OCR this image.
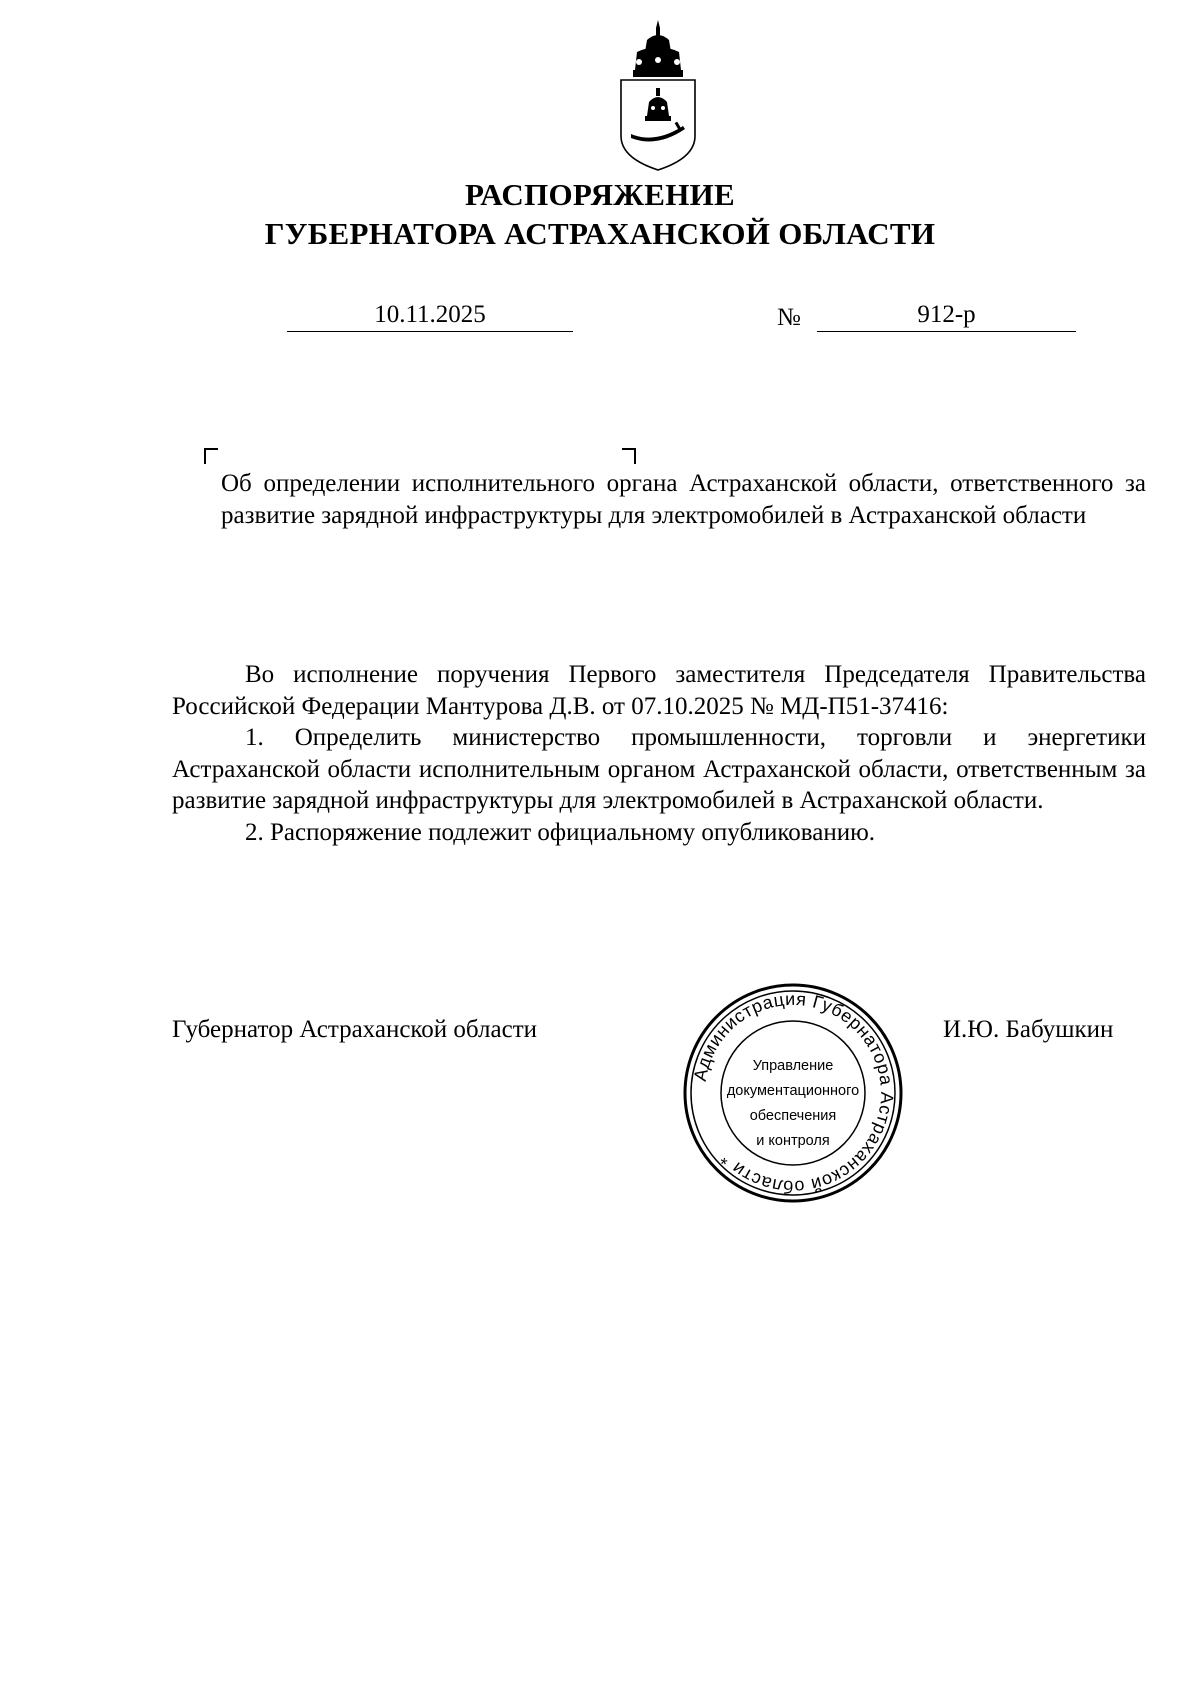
РАСПОРЯЖЕНИЕ
ГУБЕРНАТОРА АСТРАХАНСКОЙ ОБЛАСТИ
10.11.2025	№	912-р
Об определении исполнительного органа Астраханской области, ответственного за развитие зарядной инфраструктуры для электромобилей в Астраханской области

Во исполнение поручения Первого заместителя Председателя Правительства Российской Федерации Мантурова Д.В. от 07.10.2025 № МД-П51-37416:

1. Определить министерство промышленности, торговли и энергетики Астраханской области исполнительным органом Астраханской области, ответственным за развитие зарядной инфраструктуры для электромобилей в Астраханской области.

2. Распоряжение подлежит официальному опубликованию.

Губернатор Астраханской области	И.Ю. Бабушкин
Администрация Губернатора Астраханской области *
Управление
документационного
обеспечения
и контроля
